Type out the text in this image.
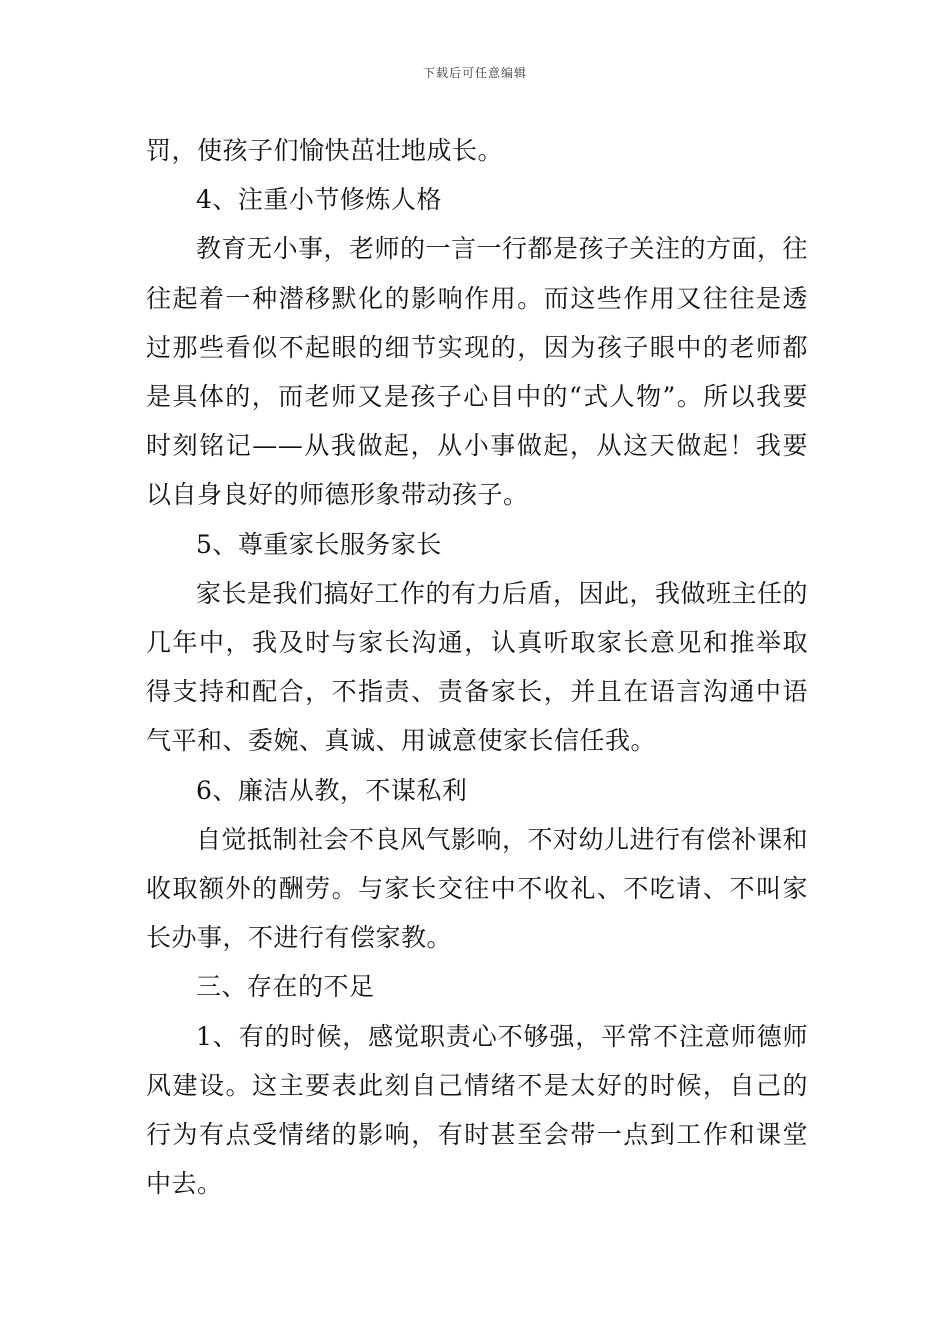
下载后可任意编辑

罚，使孩子们愉快茁壮地成长。

4、注重小节修炼人格

教育无小事，老师的一言一行都是孩子关注的方面，往往起着一种潜移默化的影响作用。而这些作用又往往是透过那些看似不起眼的细节实现的，因为孩子眼中的老师都是具体的，而老师又是孩子心目中的“式人物”。所以我要时刻铭记——从我做起，从小事做起，从这天做起！我要以自身良好的师德形象带动孩子。

5、尊重家长服务家长

家长是我们搞好工作的有力后盾，因此，我做班主任的几年中，我及时与家长沟通，认真听取家长意见和推举取得支持和配合，不指责、责备家长，并且在语言沟通中语气平和、委婉、真诚、用诚意使家长信任我。

6、廉洁从教，不谋私利

自觉抵制社会不良风气影响，不对幼儿进行有偿补课和收取额外的酬劳。与家长交往中不收礼、不吃请、不叫家长办事，不进行有偿家教。

三、存在的不足

1、有的时候，感觉职责心不够强，平常不注意师德师风建设。这主要表此刻自己情绪不是太好的时候，自己的行为有点受情绪的影响，有时甚至会带一点到工作和课堂中去。
